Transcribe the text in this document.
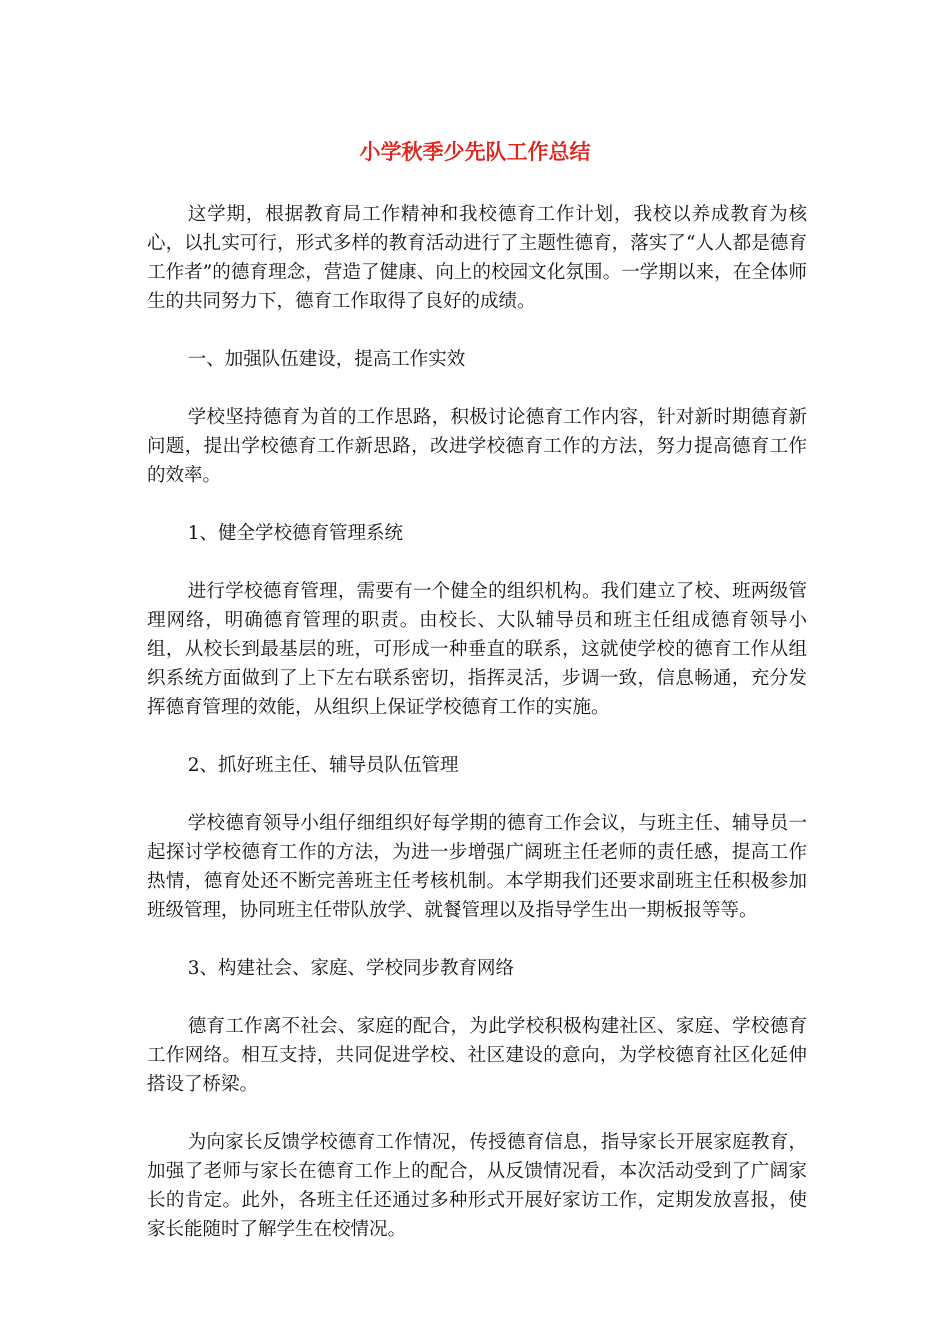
小学秋季少先队工作总结

这学期，根据教育局工作精神和我校德育工作计划，我校以养成教育为核心，以扎实可行，形式多样的教育活动进行了主题性德育，落实了“人人都是德育工作者”的德育理念，营造了健康、向上的校园文化氛围。一学期以来，在全体师生的共同努力下，德育工作取得了良好的成绩。

一、加强队伍建设，提高工作实效

学校坚持德育为首的工作思路，积极讨论德育工作内容，针对新时期德育新问题，提出学校德育工作新思路，改进学校德育工作的方法，努力提高德育工作的效率。

1、健全学校德育管理系统

进行学校德育管理，需要有一个健全的组织机构。我们建立了校、班两级管理网络，明确德育管理的职责。由校长、大队辅导员和班主任组成德育领导小组，从校长到最基层的班，可形成一种垂直的联系，这就使学校的德育工作从组织系统方面做到了上下左右联系密切，指挥灵活，步调一致，信息畅通，充分发挥德育管理的效能，从组织上保证学校德育工作的实施。

2、抓好班主任、辅导员队伍管理

学校德育领导小组仔细组织好每学期的德育工作会议，与班主任、辅导员一起探讨学校德育工作的方法，为进一步增强广阔班主任老师的责任感，提高工作热情，德育处还不断完善班主任考核机制。本学期我们还要求副班主任积极参加班级管理，协同班主任带队放学、就餐管理以及指导学生出一期板报等等。

3、构建社会、家庭、学校同步教育网络

德育工作离不社会、家庭的配合，为此学校积极构建社区、家庭、学校德育工作网络。相互支持，共同促进学校、社区建设的意向，为学校德育社区化延伸搭设了桥梁。

为向家长反馈学校德育工作情况，传授德育信息，指导家长开展家庭教育，加强了老师与家长在德育工作上的配合，从反馈情况看，本次活动受到了广阔家长的肯定。此外，各班主任还通过多种形式开展好家访工作，定期发放喜报，使家长能随时了解学生在校情况。
